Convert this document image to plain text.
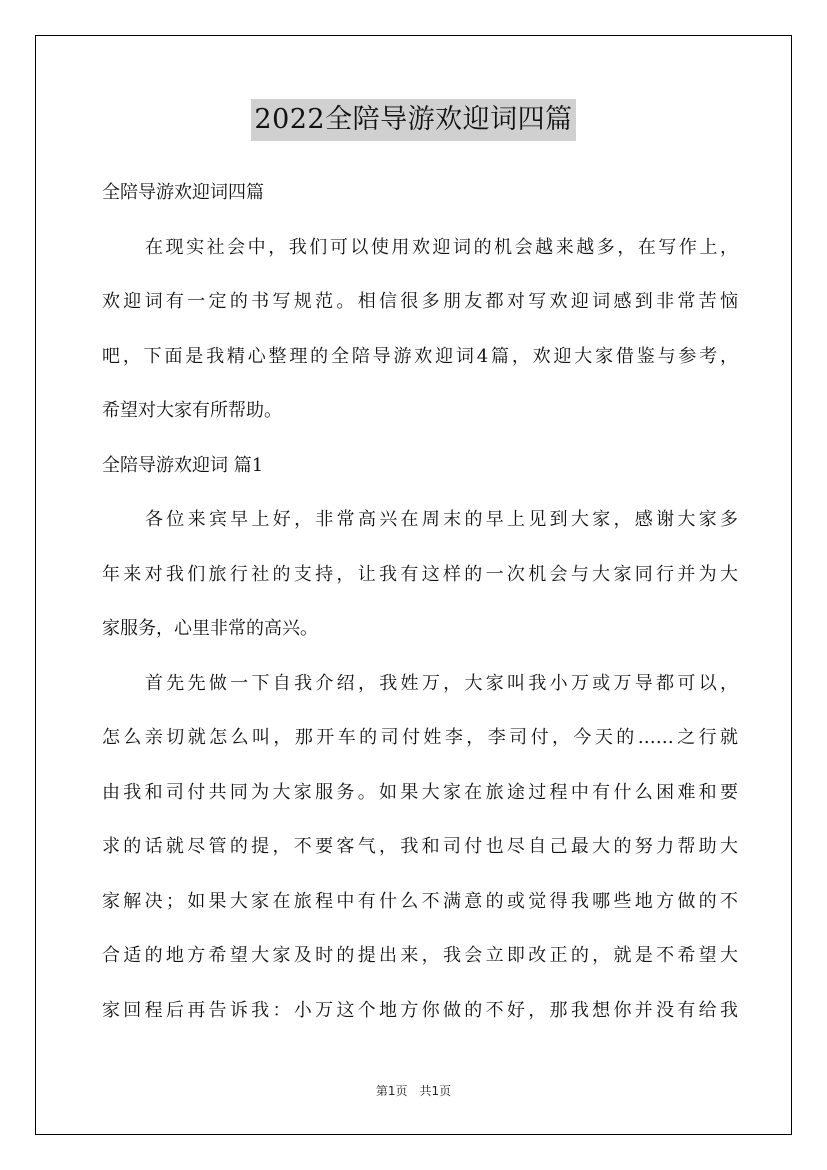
2022全陪导游欢迎词四篇
全陪导游欢迎词四篇
在现实社会中，我们可以使用欢迎词的机会越来越多，在写作上，
欢迎词有一定的书写规范。相信很多朋友都对写欢迎词感到非常苦恼
吧，下面是我精心整理的全陪导游欢迎词4篇，欢迎大家借鉴与参考，
希望对大家有所帮助。
全陪导游欢迎词 篇1
各位来宾早上好，非常高兴在周末的早上见到大家，感谢大家多
年来对我们旅行社的支持，让我有这样的一次机会与大家同行并为大
家服务，心里非常的高兴。
首先先做一下自我介绍，我姓万，大家叫我小万或万导都可以，
怎么亲切就怎么叫，那开车的司付姓李，李司付，今天的……之行就
由我和司付共同为大家服务。如果大家在旅途过程中有什么困难和要
求的话就尽管的提，不要客气，我和司付也尽自己最大的努力帮助大
家解决；如果大家在旅程中有什么不满意的或觉得我哪些地方做的不
合适的地方希望大家及时的提出来，我会立即改正的，就是不希望大
家回程后再告诉我：小万这个地方你做的不好，那我想你并没有给我
第1页　共1页
